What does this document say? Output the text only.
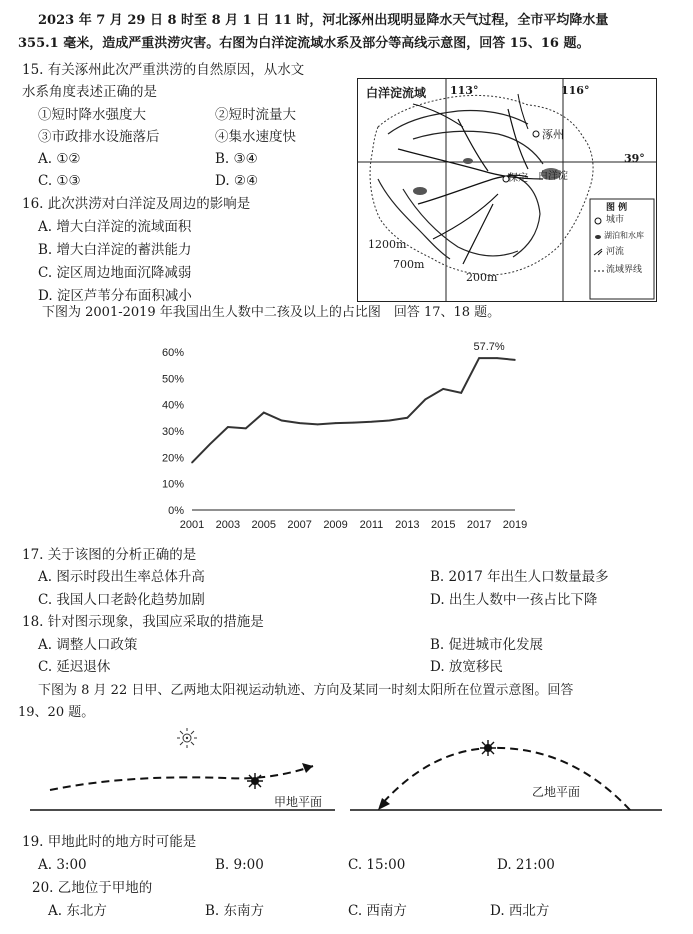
2023 年 7 月 29 日 8 时至 8 月 1 日 11 时，河北涿州出现明显降水天气过程，全市平均降水量
355.1 毫米，造成严重洪涝灾害。右图为白洋淀流域水系及部分等高线示意图，回答 15、16 题。
15. 有关涿州此次严重洪涝的自然原因，从水文
水系角度表述正确的是
①短时降水强度大	②短时流量大
③市政排水设施落后	④集水速度快
A. ①②	B. ③④
C. ①③	D. ②④
16. 此次洪涝对白洋淀及周边的影响是
A. 增大白洋淀的流域面积
B. 增大白洋淀的蓄洪能力
C. 淀区周边地面沉降减弱
D. 淀区芦苇分布面积减小
白洋淀流域 113°	116°
39°
涿州
保定 白洋淀
1200m
700m
200m
图 例
城市
湖泊和水库
河流
流域界线
下图为 2001-2019 年我国出生人数中二孩及以上的占比图　回答 17、18 题。
0%
10%
20%
30%
40%
50%
60%
2001 2003 2005 2007 2009 2011 2013 2015 2017 2019
57.7%
17. 关于该图的分析正确的是
A. 图示时段出生率总体升高	B. 2017 年出生人口数量最多
C. 我国人口老龄化趋势加剧	D. 出生人数中一孩占比下降
18. 针对图示现象，我国应采取的措施是
A. 调整人口政策	B. 促进城市化发展
C. 延迟退休	D. 放宽移民
下图为 8 月 22 日甲、乙两地太阳视运动轨迹、方向及某同一时刻太阳所在位置示意图。回答
19、20 题。
甲地平面
乙地平面
19. 甲地此时的地方时可能是
A. 3:00	B. 9:00	C. 15:00	D. 21:00
20. 乙地位于甲地的
A. 东北方	B. 东南方	C. 西南方	D. 西北方
